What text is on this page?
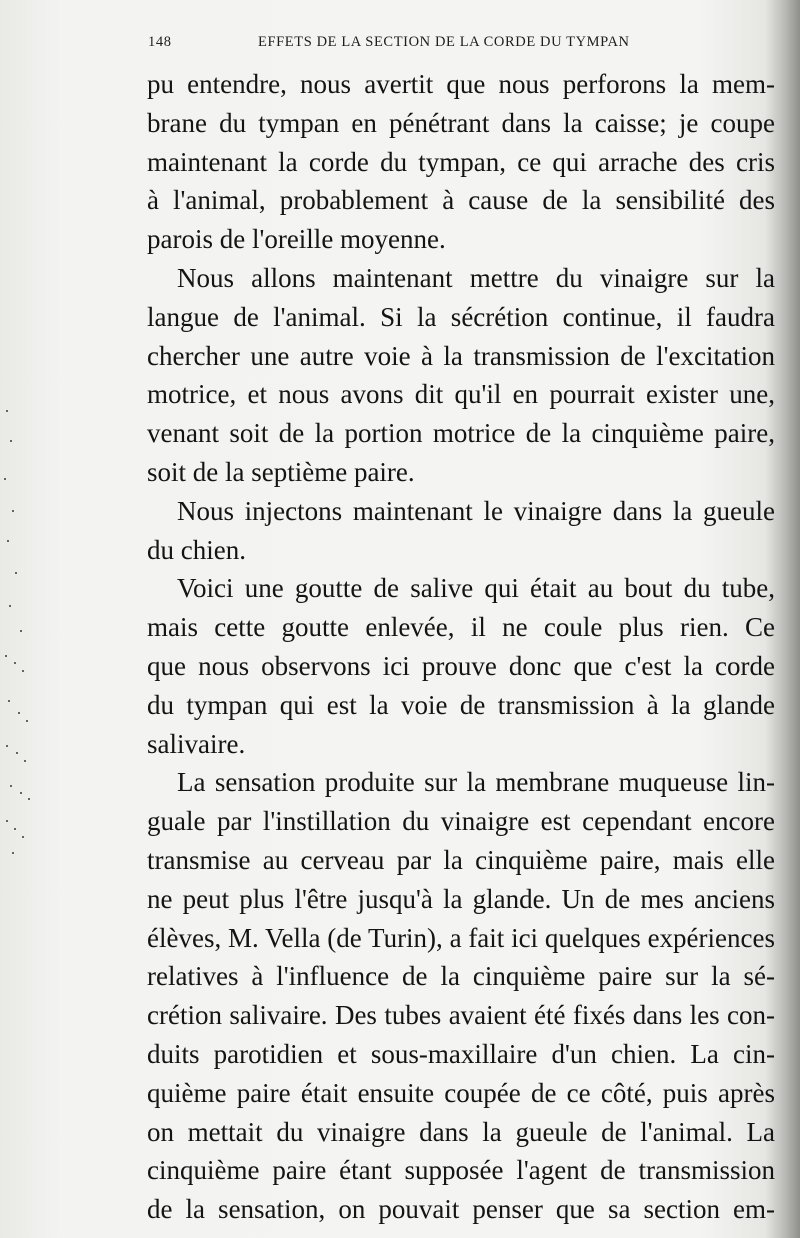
148	EFFETS DE LA SECTION DE LA CORDE DU TYMPAN
pu entendre, nous avertit que nous perforons la mem-
brane du tympan en pénétrant dans la caisse; je coupe
maintenant la corde du tympan, ce qui arrache des cris
à l'animal, probablement à cause de la sensibilité des
parois de l'oreille moyenne.
Nous allons maintenant mettre du vinaigre sur la
langue de l'animal. Si la sécrétion continue, il faudra
chercher une autre voie à la transmission de l'excitation
motrice, et nous avons dit qu'il en pourrait exister une,
venant soit de la portion motrice de la cinquième paire,
soit de la septième paire.
Nous injectons maintenant le vinaigre dans la gueule
du chien.
Voici une goutte de salive qui était au bout du tube,
mais cette goutte enlevée, il ne coule plus rien. Ce
que nous observons ici prouve donc que c'est la corde
du tympan qui est la voie de transmission à la glande
salivaire.
La sensation produite sur la membrane muqueuse lin-
guale par l'instillation du vinaigre est cependant encore
transmise au cerveau par la cinquième paire, mais elle
ne peut plus l'être jusqu'à la glande. Un de mes anciens
élèves, M. Vella (de Turin), a fait ici quelques expériences
relatives à l'influence de la cinquième paire sur la sé-
crétion salivaire. Des tubes avaient été fixés dans les con-
duits parotidien et sous-maxillaire d'un chien. La cin-
quième paire était ensuite coupée de ce côté, puis après
on mettait du vinaigre dans la gueule de l'animal. La
cinquième paire étant supposée l'agent de transmission
de la sensation, on pouvait penser que sa section em-
